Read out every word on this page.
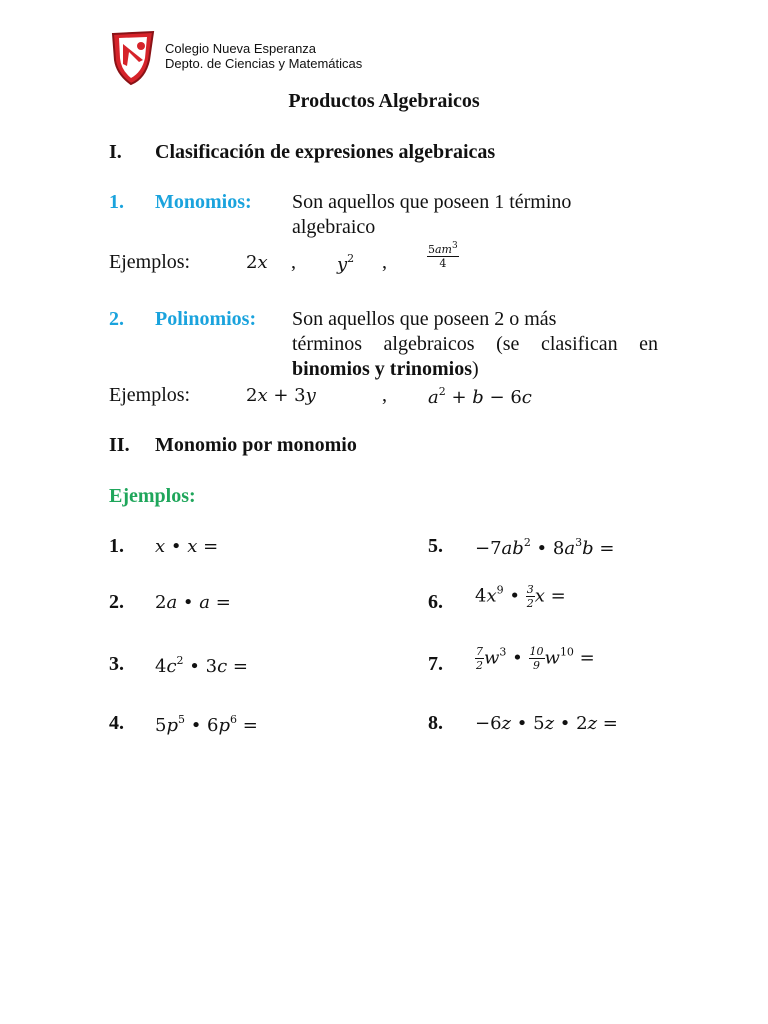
Colegio Nueva Esperanza
Depto. de Ciencias y Matemáticas
Productos Algebraicos
I. Clasificación de expresiones algebraicas
1. Monomios: Son aquellos que poseen 1 término
algebraico
Ejemplos:	2x , $y^2$ ,	$\frac{5am^3}{4}$
2. Polinomios: Son aquellos que poseen 2 o más
términos algebraicos (se clasifican en
binomios y trinomios)
Ejemplos:	2x + 3y	, $a^2 + b - 6c$
II. Monomio por monomio
Ejemplos:
1. x • x =
2. 2a • a =
3. $4c^2$ • 3c =
4. $5p^5$ • $6p^6$ =
5. $-7ab^2$ • $8a^3b$ =
6. $4x^9$ • $\frac{3}{2}$ x =
7.	$\frac{7}{2} w^3$ • $\frac{10}{9} w^{10}$ =
8. −6z • 5z • 2z =
